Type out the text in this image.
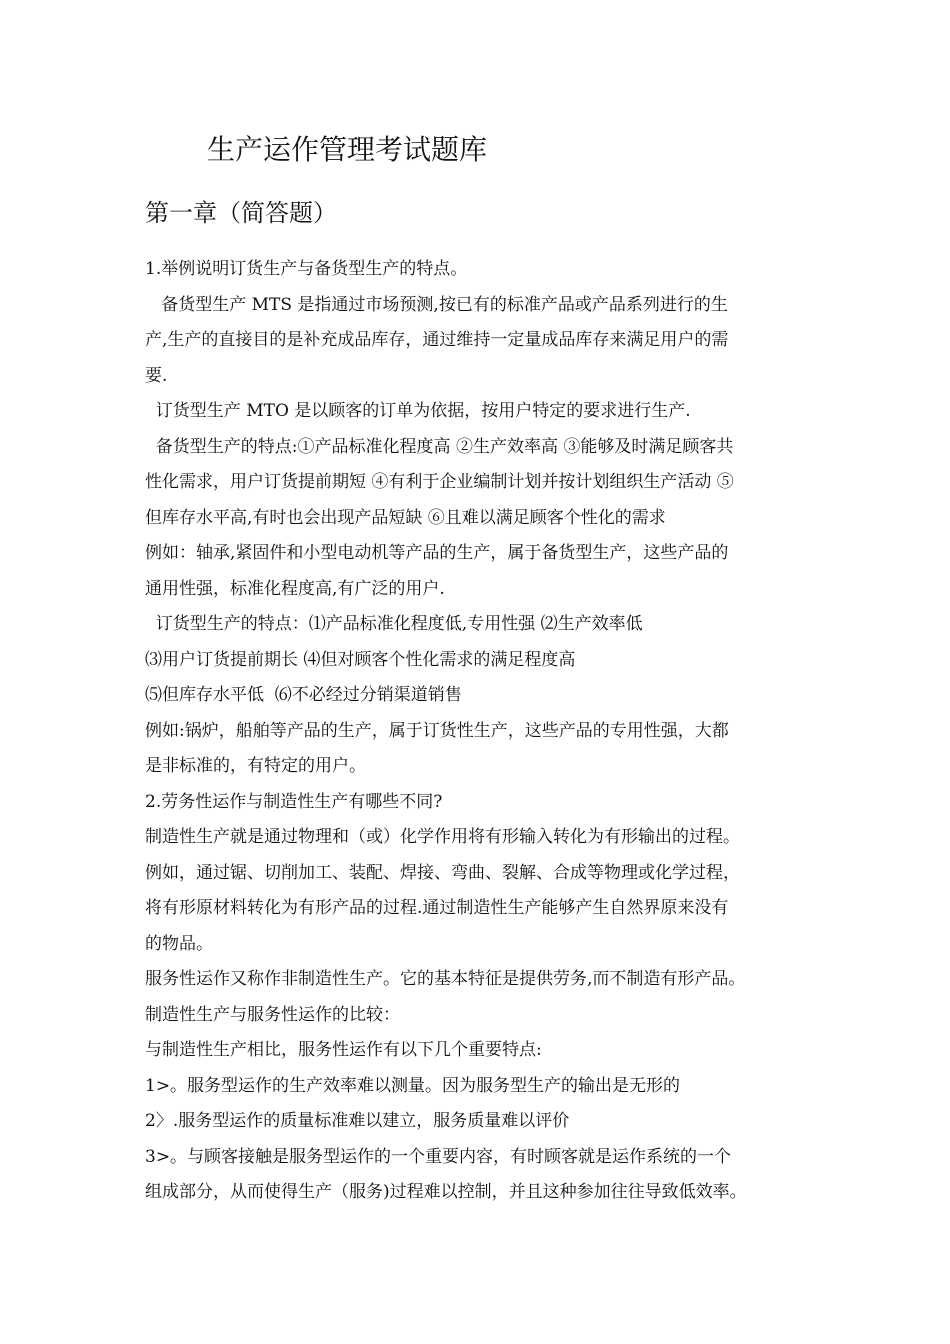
生产运作管理考试题库
第一章（简答题）
1.举例说明订货生产与备货型生产的特点。
备货型生产 MTS 是指通过市场预测,按已有的标准产品或产品系列进行的生
产,生产的直接目的是补充成品库存，通过维持一定量成品库存来满足用户的需
要.
订货型生产 MTO 是以顾客的订单为依据，按用户特定的要求进行生产.
备货型生产的特点:①产品标准化程度高 ②生产效率高 ③能够及时满足顾客共
性化需求，用户订货提前期短 ④有利于企业编制计划并按计划组织生产活动 ⑤
但库存水平高,有时也会出现产品短缺 ⑥且难以满足顾客个性化的需求
例如：轴承,紧固件和小型电动机等产品的生产，属于备货型生产，这些产品的
通用性强，标准化程度高,有广泛的用户.
订货型生产的特点：⑴产品标准化程度低,专用性强 ⑵生产效率低
⑶用户订货提前期长 ⑷但对顾客个性化需求的满足程度高
⑸但库存水平低  ⑹不必经过分销渠道销售
例如:锅炉，船舶等产品的生产，属于订货性生产，这些产品的专用性强，大都
是非标准的，有特定的用户。
2.劳务性运作与制造性生产有哪些不同?
制造性生产就是通过物理和（或）化学作用将有形输入转化为有形输出的过程。
例如，通过锯、切削加工、装配、焊接、弯曲、裂解、合成等物理或化学过程，
将有形原材料转化为有形产品的过程.通过制造性生产能够产生自然界原来没有
的物品。
服务性运作又称作非制造性生产。它的基本特征是提供劳务,而不制造有形产品。
制造性生产与服务性运作的比较：
与制造性生产相比，服务性运作有以下几个重要特点:
1>。服务型运作的生产效率难以测量。因为服务型生产的输出是无形的
2〉.服务型运作的质量标准难以建立，服务质量难以评价
3>。与顾客接触是服务型运作的一个重要内容，有时顾客就是运作系统的一个
组成部分，从而使得生产（服务)过程难以控制，并且这种参加往往导致低效率。
